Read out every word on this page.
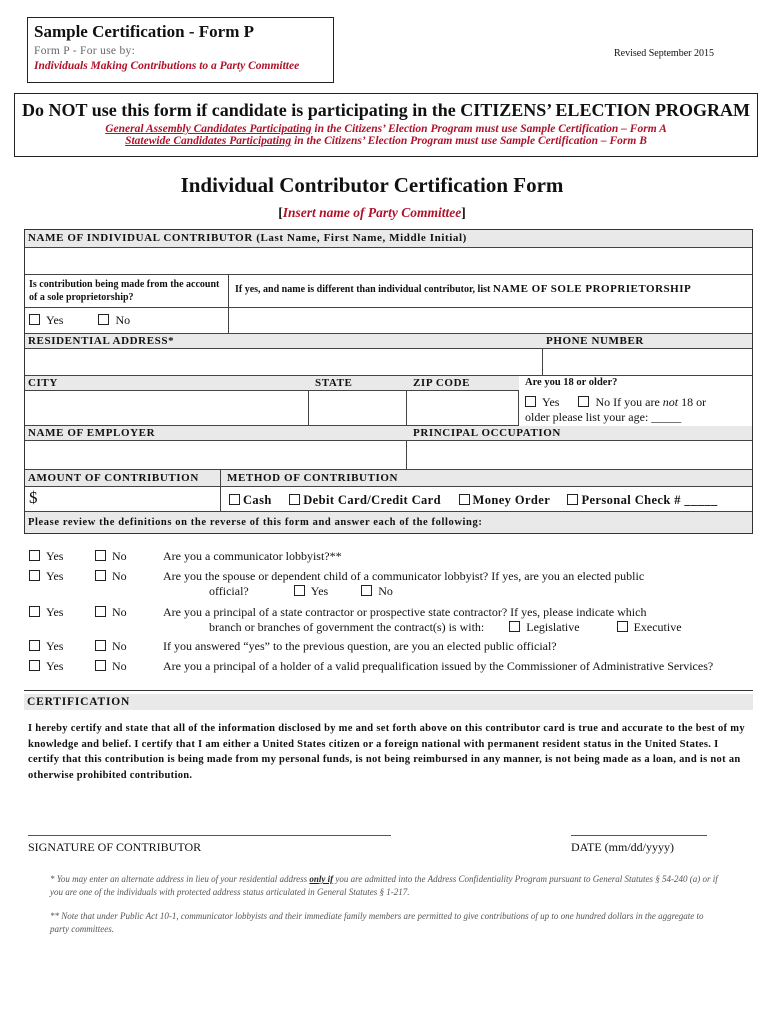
Sample Certification - Form P
Form P - For use by:
Individuals Making Contributions to a Party Committee
Revised September 2015
Do NOT use this form if candidate is participating in the CITIZENS’ ELECTION PROGRAM
General Assembly Candidates Participating in the Citizens’ Election Program must use Sample Certification – Form A
Statewide Candidates Participating in the Citizens’ Election Program must use Sample Certification – Form B
Individual Contributor Certification Form
[Insert name of Party Committee]
NAME OF INDIVIDUAL CONTRIBUTOR (Last Name, First Name, Middle Initial)
Is contribution being made from the account of a sole proprietorship?
If yes, and name is different than individual contributor, list NAME OF SOLE PROPRIETORSHIP
Yes	No
RESIDENTIAL ADDRESS*	PHONE NUMBER
CITY	STATE	ZIP CODE	Are you 18 or older?
Yes	No If you are not 18 or
older please list your age: _____
NAME OF EMPLOYER	PRINCIPAL OCCUPATION
AMOUNT OF CONTRIBUTION	METHOD OF CONTRIBUTION
$	Cash	Debit Card/Credit Card	Money Order	Personal Check # _____
Please review the definitions on the reverse of this form and answer each of the following:
Yes	No	Are you a communicator lobbyist?**
Yes	No	Are you the spouse or dependent child of a communicator lobbyist? If yes, are you an elected public
official?	Yes	No
Yes	No	Are you a principal of a state contractor or prospective state contractor? If yes, please indicate which
branch or branches of government the contract(s) is with:	Legislative	Executive
Yes	No	If you answered “yes” to the previous question, are you an elected public official?
Yes	No	Are you a principal of a holder of a valid prequalification issued by the Commissioner of Administrative Services?
CERTIFICATION
I hereby certify and state that all of the information disclosed by me and set forth above on this contributor card is true and accurate to the best of my knowledge and belief. I certify that I am either a United States citizen or a foreign national with permanent resident status in the United States. I certify that this contribution is being made from my personal funds, is not being reimbursed in any manner, is not being made as a loan, and is not an otherwise prohibited contribution.
SIGNATURE OF CONTRIBUTOR	DATE (mm/dd/yyyy)
* You may enter an alternate address in lieu of your residential address only if you are admitted into the Address Confidentiality Program pursuant to General Statutes § 54-240 (a) or if you are one of the individuals with protected address status articulated in General Statutes § 1-217.
** Note that under Public Act 10-1, communicator lobbyists and their immediate family members are permitted to give contributions of up to one hundred dollars in the aggregate to party committees.
